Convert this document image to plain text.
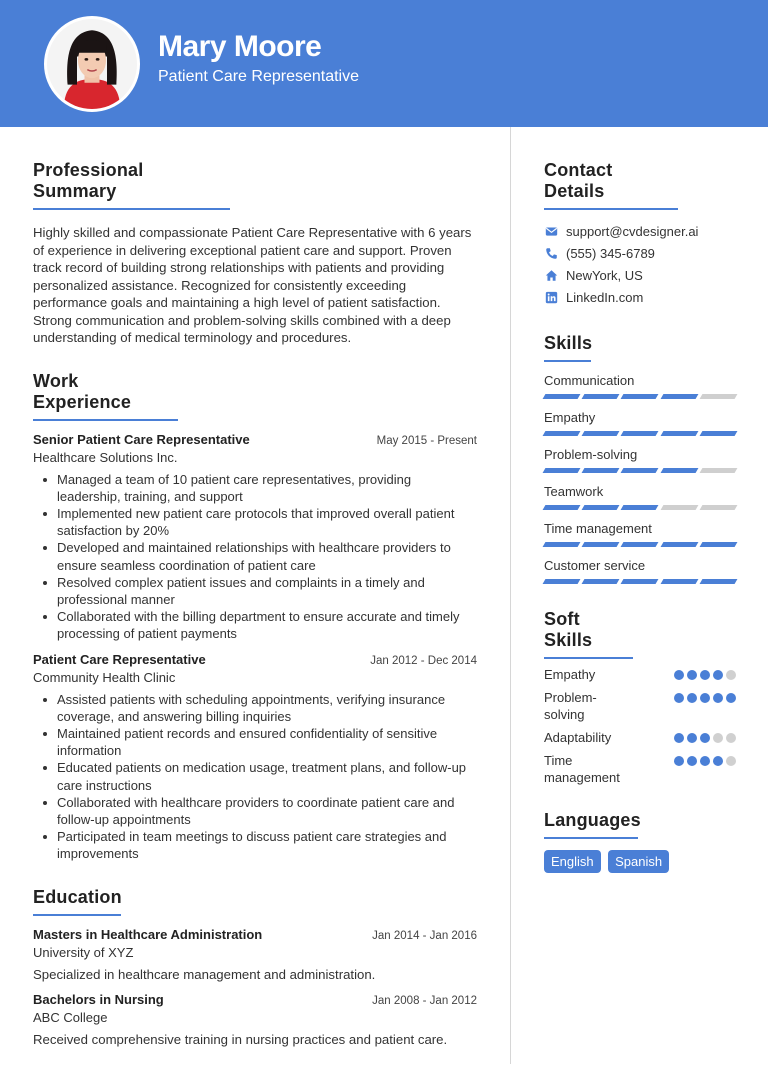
Mary Moore
Patient Care Representative
Professional Summary

Highly skilled and compassionate Patient Care Representative with 6 years of experience in delivering exceptional patient care and support. Proven track record of building strong relationships with patients and providing personalized assistance. Recognized for consistently exceeding performance goals and maintaining a high level of patient satisfaction. Strong communication and problem-solving skills combined with a deep understanding of medical terminology and procedures.

Work Experience
Senior Patient Care Representative	May 2015 - Present
Healthcare Solutions Inc.
Managed a team of 10 patient care representatives, providing leadership, training, and support
Implemented new patient care protocols that improved overall patient satisfaction by 20%
Developed and maintained relationships with healthcare providers to ensure seamless coordination of patient care
Resolved complex patient issues and complaints in a timely and professional manner
Collaborated with the billing department to ensure accurate and timely processing of patient payments
Patient Care Representative	Jan 2012 - Dec 2014
Community Health Clinic
Assisted patients with scheduling appointments, verifying insurance coverage, and answering billing inquiries
Maintained patient records and ensured confidentiality of sensitive information
Educated patients on medication usage, treatment plans, and follow-up care instructions
Collaborated with healthcare providers to coordinate patient care and follow-up appointments
Participated in team meetings to discuss patient care strategies and improvements
Education
Masters in Healthcare Administration	Jan 2014 - Jan 2016
University of XYZ

Specialized in healthcare management and administration.

Bachelors in Nursing	Jan 2008 - Jan 2012
ABC College

Received comprehensive training in nursing practices and patient care.

Contact Details
support@cvdesigner.ai
(555) 345-6789
NewYork, US
LinkedIn.com
Skills
Communication
Empathy
Problem-solving
Teamwork
Time management
Customer service
Soft Skills
Empathy
Problem-solving
Adaptability
Time management
Languages
English Spanish
